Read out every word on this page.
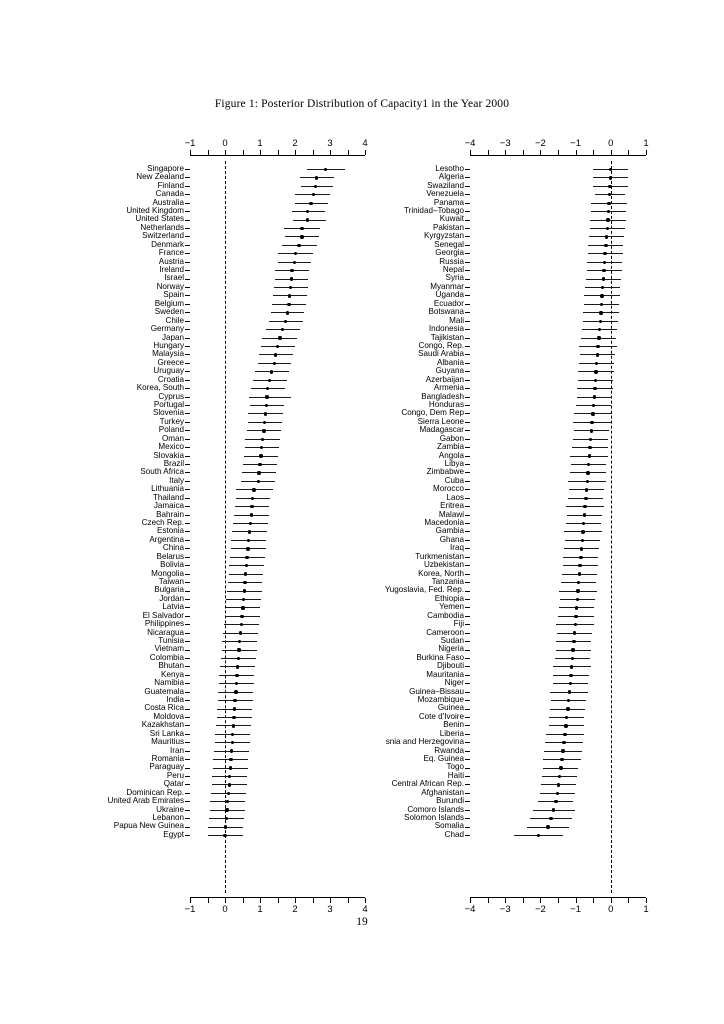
Figure 1: Posterior Distribution of Capacity1 in the Year 2000
−1	0	1	2	3	4
−1	0	1	2	3	4
Singapore
New Zealand
Finland
Canada
Australia
United Kingdom
United States
Netherlands
Switzerland
Denmark
France
Austria
Ireland
Israel
Norway
Spain
Belgium
Sweden
Chile
Germany
Japan
Hungary
Malaysia
Greece
Uruguay
Croatia
Korea, South
Cyprus
Portugal
Slovenia
Turkey
Poland
Oman
Mexico
Slovakia
Brazil
South Africa
Italy
Lithuania
Thailand
Jamaica
Bahrain
Czech Rep.
Estonia
Argentina
China
Belarus
Bolivia
Mongolia
Taiwan
Bulgaria
Jordan
Latvia
El Salvador
Philippines
Nicaragua
Tunisia
Vietnam
Colombia
Bhutan
Kenya
Namibia
Guatemala
India
Costa Rica
Moldova
Kazakhstan
Sri Lanka
Mauritius
Iran
Romania
Paraguay
Peru
Qatar
Dominican Rep.
United Arab Emirates
Ukraine
Lebanon
Papua New Guinea
Egypt
−4	−3	−2	−1	0	1
−4	−3	−2	−1	0	1
Lesotho
Algeria
Swaziland
Venezuela
Panama
Trinidad–Tobago
Kuwait
Pakistan
Kyrgyzstan
Senegal
Georgia
Russia
Nepal
Syria
Myanmar
Uganda
Ecuador
Botswana
Mali
Indonesia
Tajikistan
Congo, Rep.
Saudi Arabia
Albania
Guyana
Azerbaijan
Armenia
Bangladesh
Honduras
Congo, Dem Rep
Sierra Leone
Madagascar
Gabon
Zambia
Angola
Libya
Zimbabwe
Cuba
Morocco
Laos
Eritrea
Malawi
Macedonia
Gambia
Ghana
Iraq
Turkmenistan
Uzbekistan
Korea, North
Tanzania
Yugoslavia, Fed. Rep.
Ethiopia
Yemen
Cambodia
Fiji
Cameroon
Sudan
Nigeria
Burkina Faso
Djibouti
Mauritania
Niger
Guinea–Bissau
Mozambique
Guinea
Cote d'Ivoire
Benin
Liberia
snia and Herzegovina
Rwanda
Eq. Guinea
Togo
Haiti
Central African Rep.
Afghanistan
Burundi
Comoro Islands
Solomon Islands
Somalia
Chad
19
